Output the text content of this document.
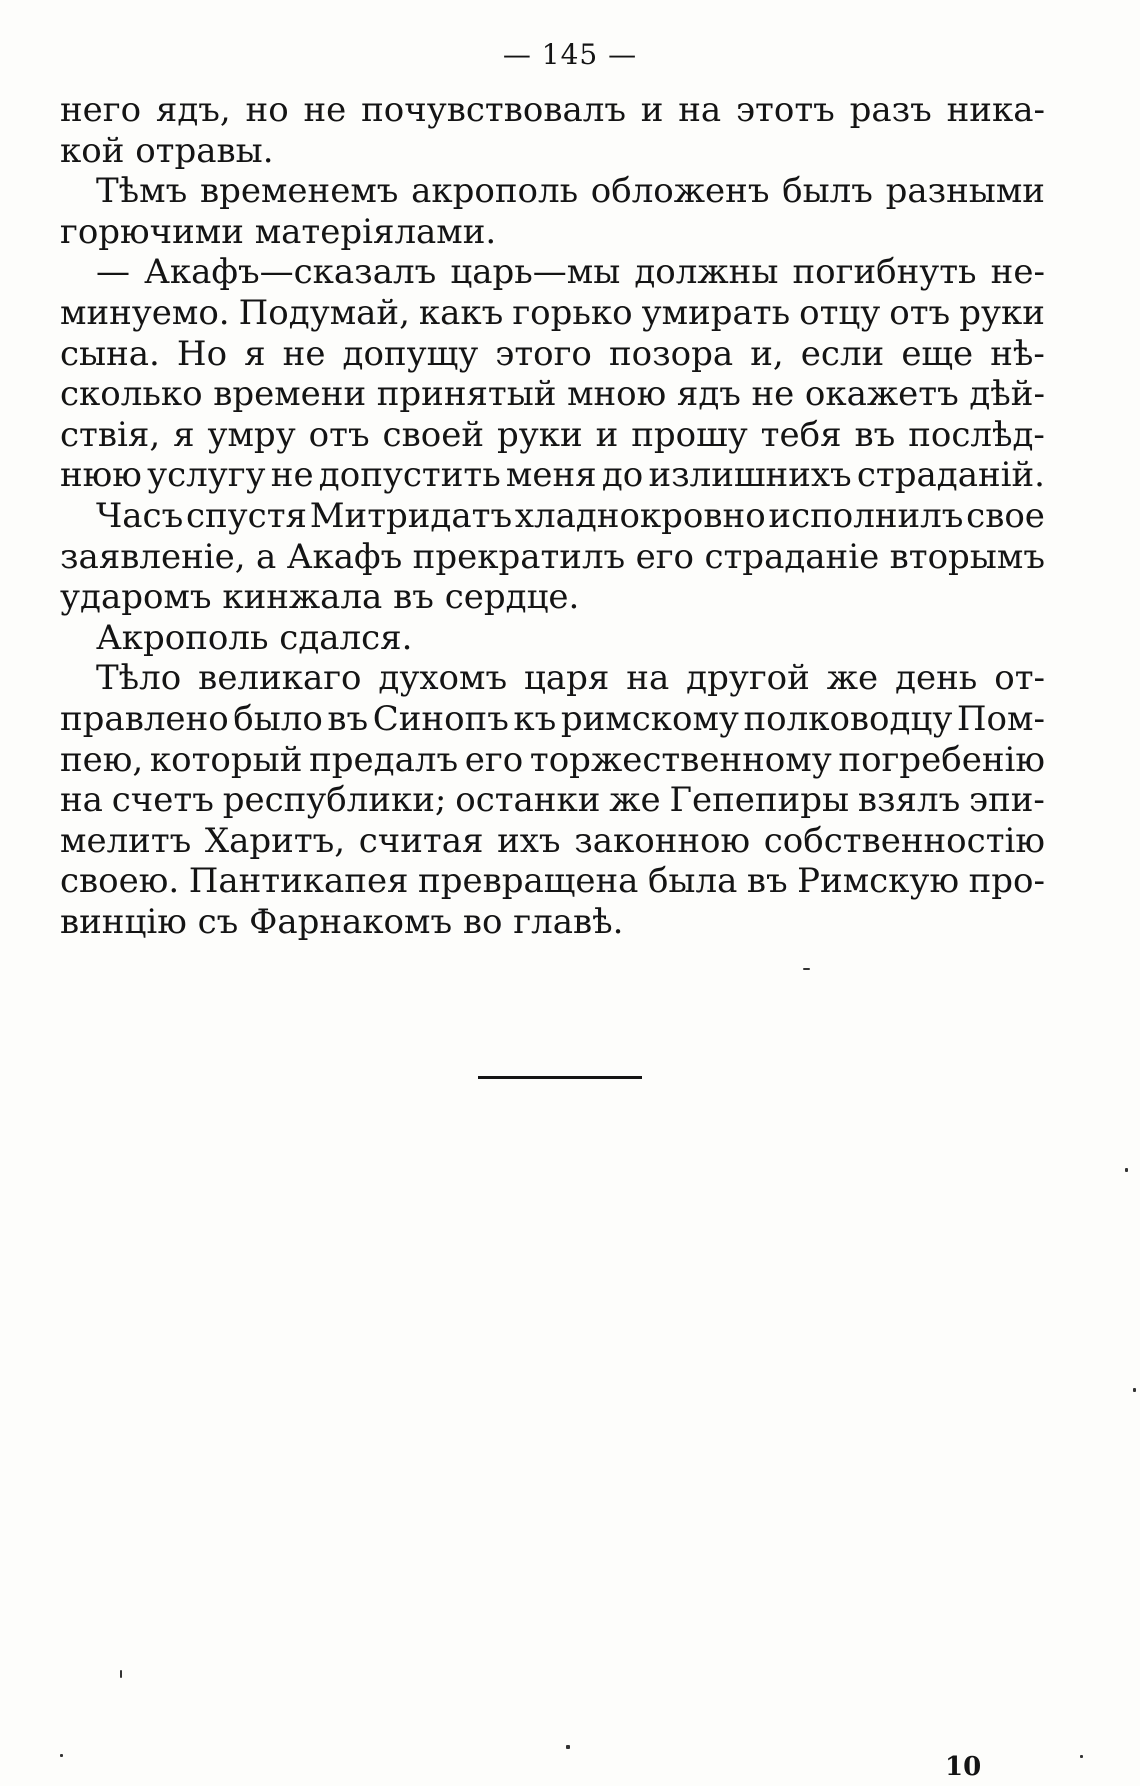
— 145 —
него ядъ, но не почувствовалъ и на этотъ разъ ника-
кой отравы.
Тѣмъ временемъ акрополь обложенъ былъ разными
горючими матеріялами.
— Акафъ—сказалъ царь—мы должны погибнуть не-
минуемо. Подумай, какъ горько умирать отцу отъ руки
сына. Но я не допущу этого позора и, если еще нѣ-
сколько времени принятый мною ядъ не окажетъ дѣй-
ствія, я умру отъ своей руки и прошу тебя въ послѣд-
нюю услугу не допустить меня до излишнихъ страданій.
Часъ спустя Митридатъ хладнокровно исполнилъ свое
заявленіе, а Акафъ прекратилъ его страданіе вторымъ
ударомъ кинжала въ сердце.
Акрополь сдался.
Тѣло великаго духомъ царя на другой же день от-
правлено было въ Синопъ къ римскому полководцу Пом-
пею, который предалъ его торжественному погребенію
на счетъ республики; останки же Гепепиры взялъ эпи-
мелитъ Харитъ, считая ихъ законною собственностію
своею. Пантикапея превращена была въ Римскую про-
винцію съ Фарнакомъ во главѣ.
10
